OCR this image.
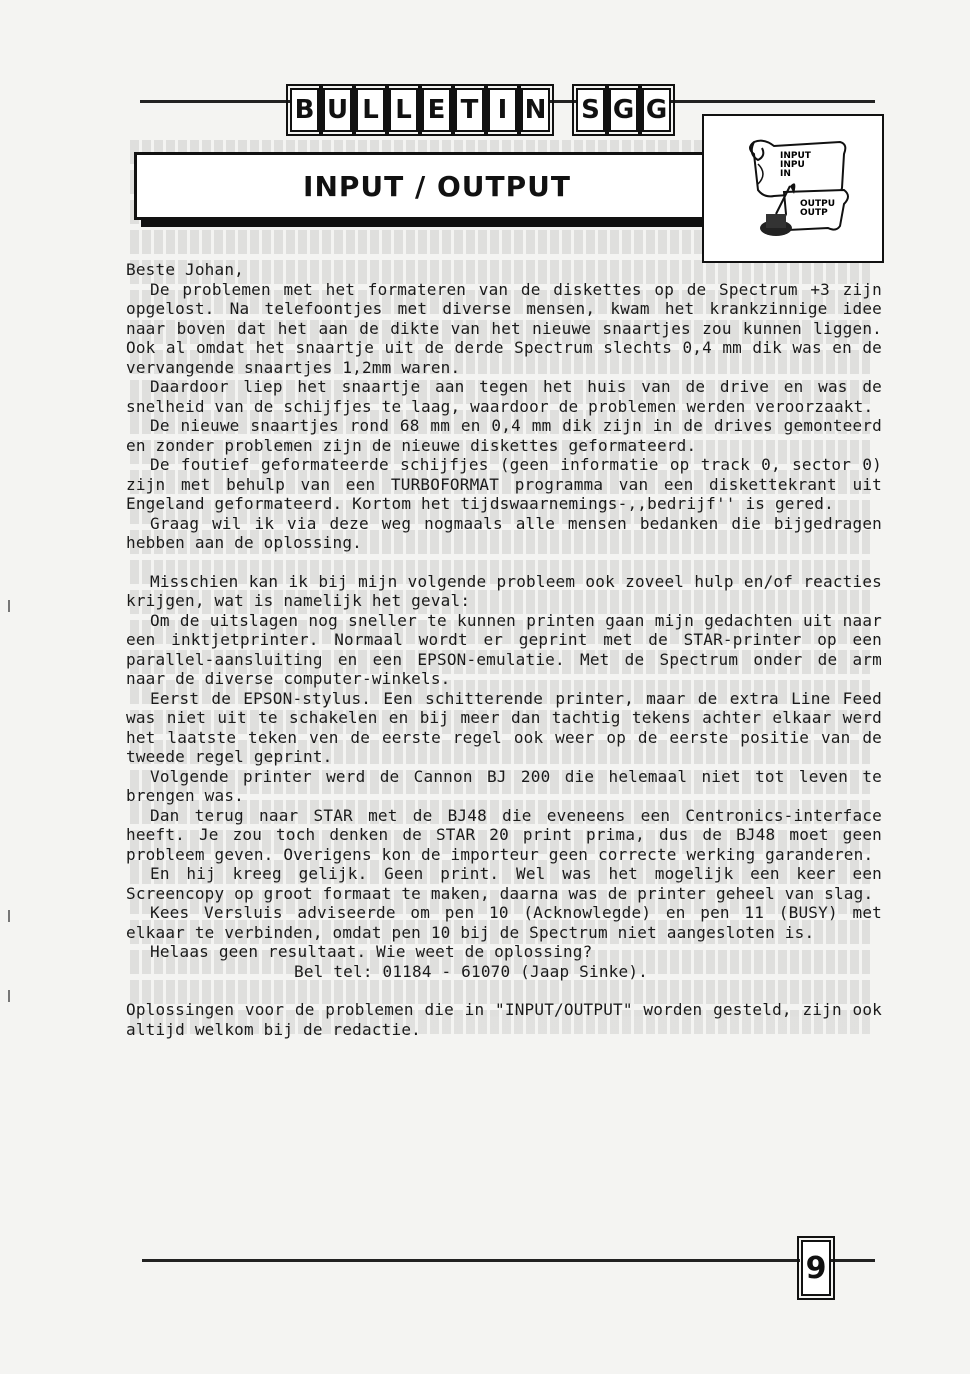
B U L L E T I N S G G
INPUT / OUTPUT
INPUT
INPU
IN
OUTPU
OUTP

Beste Johan,

De problemen met het formateren van de diskettes op de Spectrum +3 zijn opgelost. Na telefoontjes met diverse mensen, kwam het krankzinnige idee naar boven dat het aan de dikte van het nieuwe snaartjes zou kunnen liggen. Ook al omdat het snaartje uit de derde Spectrum slechts 0,4 mm dik was en de vervangende snaartjes 1,2mm waren.

Daardoor liep het snaartje aan tegen het huis van de drive en was de snelheid van de schijfjes te laag, waardoor de problemen werden veroorzaakt.

De nieuwe snaartjes rond 68 mm en 0,4 mm dik zijn in de drives gemonteerd en zonder problemen zijn de nieuwe diskettes geformateerd.

De foutief geformateerde schijfjes (geen informatie op track 0, sector 0) zijn met behulp van een TURBOFORMAT programma van een diskettekrant uit Engeland geformateerd. Kortom het tijdswaarnemings-,,bedrijf'' is gered.

Graag wil ik via deze weg nogmaals alle mensen bedanken die bijgedragen hebben aan de oplossing.

Misschien kan ik bij mijn volgende probleem ook zoveel hulp en/of reacties krijgen, wat is namelijk het geval:

Om de uitslagen nog sneller te kunnen printen gaan mijn gedachten uit naar een inktjetprinter. Normaal wordt er geprint met de STAR-printer op een parallel-aansluiting en een EPSON-emulatie. Met de Spectrum onder de arm naar de diverse computer-winkels.

Eerst de EPSON-stylus. Een schitterende printer, maar de extra Line Feed was niet uit te schakelen en bij meer dan tachtig tekens achter elkaar werd het laatste teken ven de eerste regel ook weer op de eerste positie van de tweede regel geprint.

Volgende printer werd de Cannon BJ 200 die helemaal niet tot leven te brengen was.

Dan terug naar STAR met de BJ48 die eveneens een Centronics-interface heeft. Je zou toch denken de STAR 20 print prima, dus de BJ48 moet geen probleem geven. Overigens kon de importeur geen correcte werking garanderen.

En hij kreeg gelijk. Geen print. Wel was het mogelijk een keer een Screencopy op groot formaat te maken, daarna was de printer geheel van slag.

Kees Versluis adviseerde om pen 10 (Acknowlegde) en pen 11 (BUSY) met elkaar te verbinden, omdat pen 10 bij de Spectrum niet aangesloten is.

Helaas geen resultaat. Wie weet de oplossing?

Bel tel: 01184 - 61070 (Jaap Sinke).

Oplossingen voor de problemen die in "INPUT/OUTPUT" worden gesteld, zijn ook altijd welkom bij de redactie.

9
